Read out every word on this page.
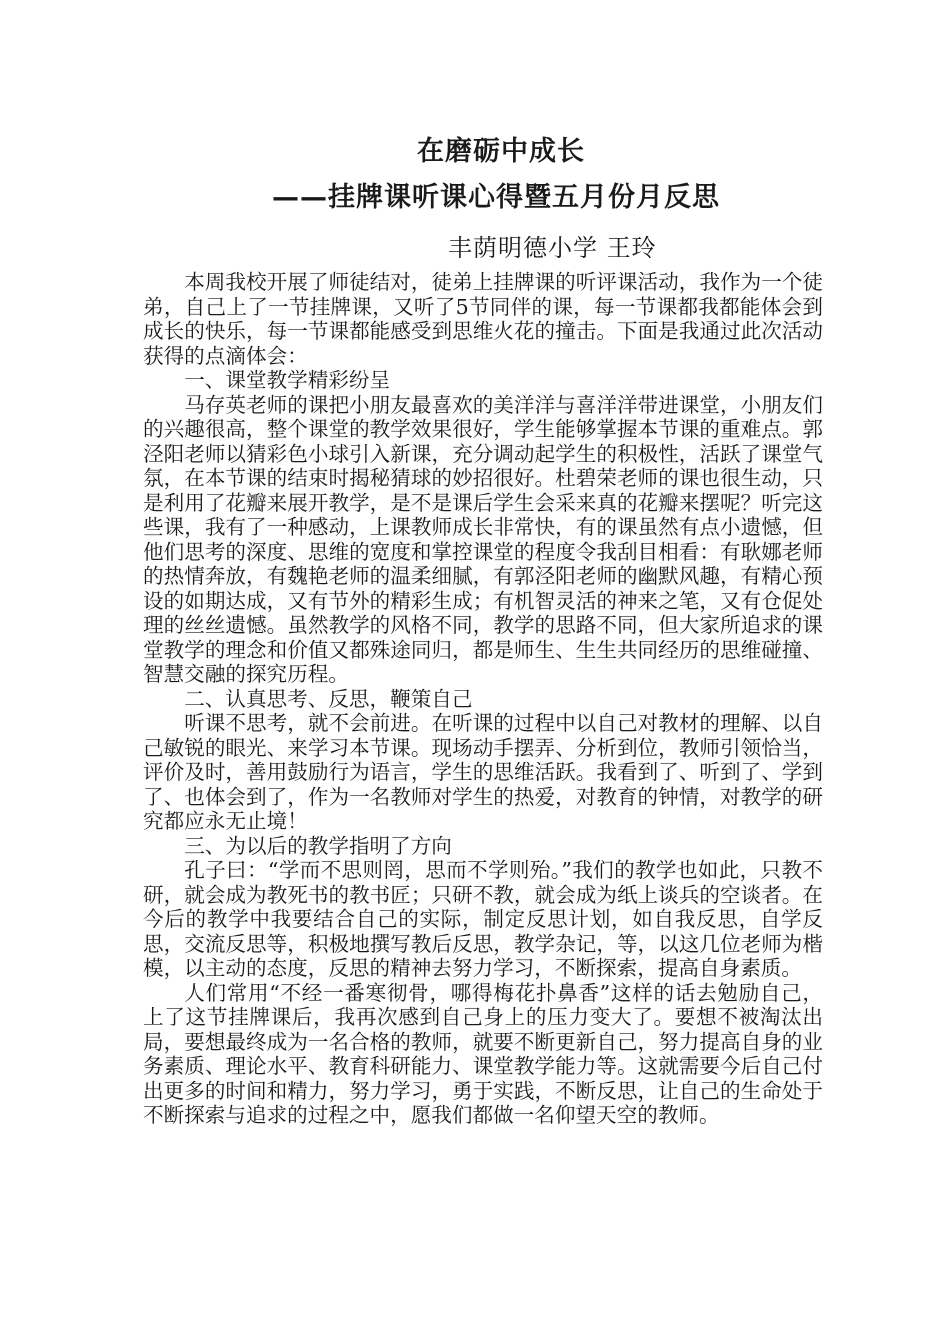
在磨砺中成长
——挂牌课听课心得暨五月份月反思
丰荫明德小学 王玲

本周我校开展了师徒结对，徒弟上挂牌课的听评课活动，我作为一个徒弟，自己上了一节挂牌课，又听了5节同伴的课，每一节课都我都能体会到成长的快乐，每一节课都能感受到思维火花的撞击。下面是我通过此次活动获得的点滴体会：

一、课堂教学精彩纷呈

马存英老师的课把小朋友最喜欢的美洋洋与喜洋洋带进课堂，小朋友们的兴趣很高，整个课堂的教学效果很好，学生能够掌握本节课的重难点。郭泾阳老师以猜彩色小球引入新课，充分调动起学生的积极性，活跃了课堂气氛，在本节课的结束时揭秘猜球的妙招很好。杜碧荣老师的课也很生动，只是利用了花瓣来展开教学，是不是课后学生会采来真的花瓣来摆呢？听完这些课，我有了一种感动，上课教师成长非常快，有的课虽然有点小遗憾，但他们思考的深度、思维的宽度和掌控课堂的程度令我刮目相看：有耿娜老师的热情奔放，有魏艳老师的温柔细腻，有郭泾阳老师的幽默风趣，有精心预设的如期达成，又有节外的精彩生成；有机智灵活的神来之笔，又有仓促处理的丝丝遗憾。虽然教学的风格不同，教学的思路不同，但大家所追求的课堂教学的理念和价值又都殊途同归，都是师生、生生共同经历的思维碰撞、智慧交融的探究历程。

二、认真思考、反思，鞭策自己

听课不思考，就不会前进。在听课的过程中以自己对教材的理解、以自己敏锐的眼光、来学习本节课。现场动手摆弄、分析到位，教师引领恰当，评价及时，善用鼓励行为语言，学生的思维活跃。我看到了、听到了、学到了、也体会到了，作为一名教师对学生的热爱，对教育的钟情，对教学的研究都应永无止境！

三、为以后的教学指明了方向

孔子曰：“学而不思则罔，思而不学则殆。”我们的教学也如此，只教不研，就会成为教死书的教书匠；只研不教，就会成为纸上谈兵的空谈者。在今后的教学中我要结合自己的实际，制定反思计划，如自我反思，自学反思，交流反思等，积极地撰写教后反思，教学杂记，等，以这几位老师为楷模，以主动的态度，反思的精神去努力学习，不断探索，提高自身素质。

人们常用“不经一番寒彻骨，哪得梅花扑鼻香”这样的话去勉励自己，上了这节挂牌课后，我再次感到自己身上的压力变大了。要想不被淘汰出局，要想最终成为一名合格的教师，就要不断更新自己，努力提高自身的业务素质、理论水平、教育科研能力、课堂教学能力等。这就需要今后自己付出更多的时间和精力，努力学习，勇于实践，不断反思，让自己的生命处于不断探索与追求的过程之中，愿我们都做一名仰望天空的教师。
